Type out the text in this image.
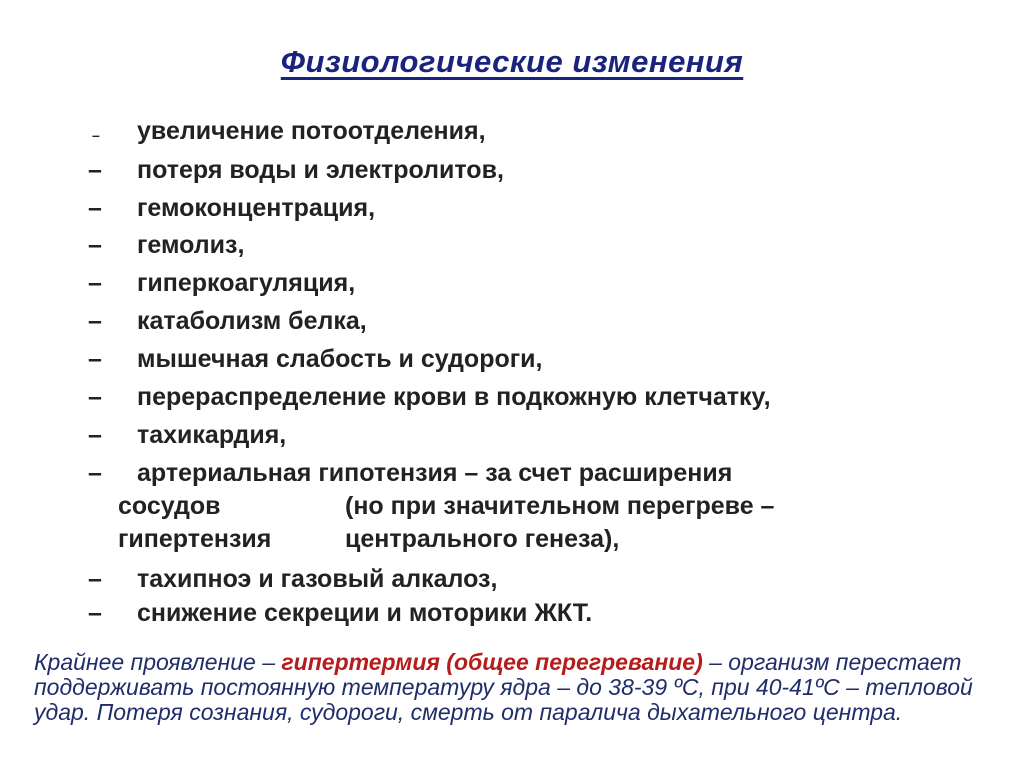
Физиологические изменения
– увеличение потоотделения,
– потеря воды и электролитов,
– гемоконцентрация,
– гемолиз,
– гиперкоагуляция,
– катаболизм белка,
– мышечная слабость и судороги,
– перераспределение крови в подкожную клетчатку,
– тахикардия,
– артериальная гипотензия – за счет расширения
сосудов	(но при значительном перегреве –
гипертензия	центрального генеза),
– тахипноэ и газовый алкалоз,
– снижение секреции и моторики ЖКТ.
Крайнее проявление – гипертермия (общее перегревание) – организм перестает поддерживать постоянную температуру ядра – до 38-39 ºС, при 40-41ºС – тепловой удар. Потеря сознания, судороги, смерть от паралича дыхательного центра.
